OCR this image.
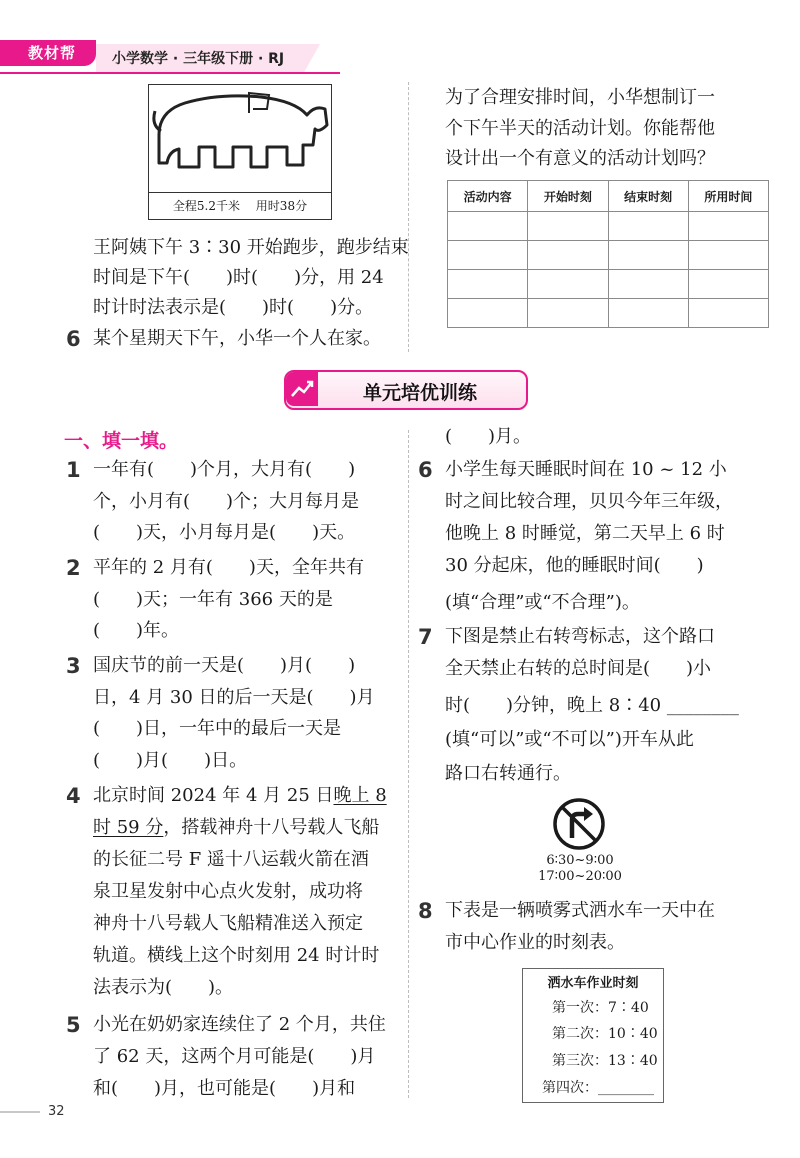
教材帮	小学数学 · 三年级下册 · RJ
全程5.2千米　 用时38分
王阿姨下午 3∶30 开始跑步，跑步结束
时间是下午(　　)时(　　)分，用 24
时计时法表示是(　　)时(　　)分。
6 某个星期天下午，小华一个人在家。
为了合理安排时间，小华想制订一
个下午半天的活动计划。你能帮他
设计出一个有意义的活动计划吗？
活动内容	开始时刻	结束时刻	所用时间

单元培优训练
一、填一填。
1 一年有(　　)个月，大月有(　　)
个，小月有(　　)个；大月每月是
(　　)天，小月每月是(　　)天。
2 平年的 2 月有(　　)天，全年共有
(　　)天；一年有 366 天的是
(　　)年。
3 国庆节的前一天是(　　)月(　　)
日，4 月 30 日的后一天是(　　)月
(　　)日，一年中的最后一天是
(　　)月(　　)日。
4 北京时间 2024 年 4 月 25 日晚上 8
时 59 分，搭载神舟十八号载人飞船
的长征二号 F 遥十八运载火箭在酒
泉卫星发射中心点火发射，成功将
神舟十八号载人飞船精准送入预定
轨道。横线上这个时刻用 24 时计时
法表示为(　　)。
5 小光在奶奶家连续住了 2 个月，共住
了 62 天，这两个月可能是(　　)月
和(　　)月，也可能是(　　)月和
(　　)月。
6 小学生每天睡眠时间在 10 ~ 12 小
时之间比较合理，贝贝今年三年级，
他晚上 8 时睡觉，第二天早上 6 时
30 分起床，他的睡眠时间(　　)
(填“合理”或“不合理”)。
7 下图是禁止右转弯标志，这个路口
全天禁止右转的总时间是(　　)小
时(　　)分钟，晚上 8∶40 ________
(填“可以”或“不可以”)开车从此
路口右转通行。
6∶30~9∶00
17∶00~20∶00
8 下表是一辆喷雾式洒水车一天中在
市中心作业的时刻表。
洒水车作业时刻
第一次：7∶40
第二次：10∶40
第三次：13∶40
第四次：________
32
